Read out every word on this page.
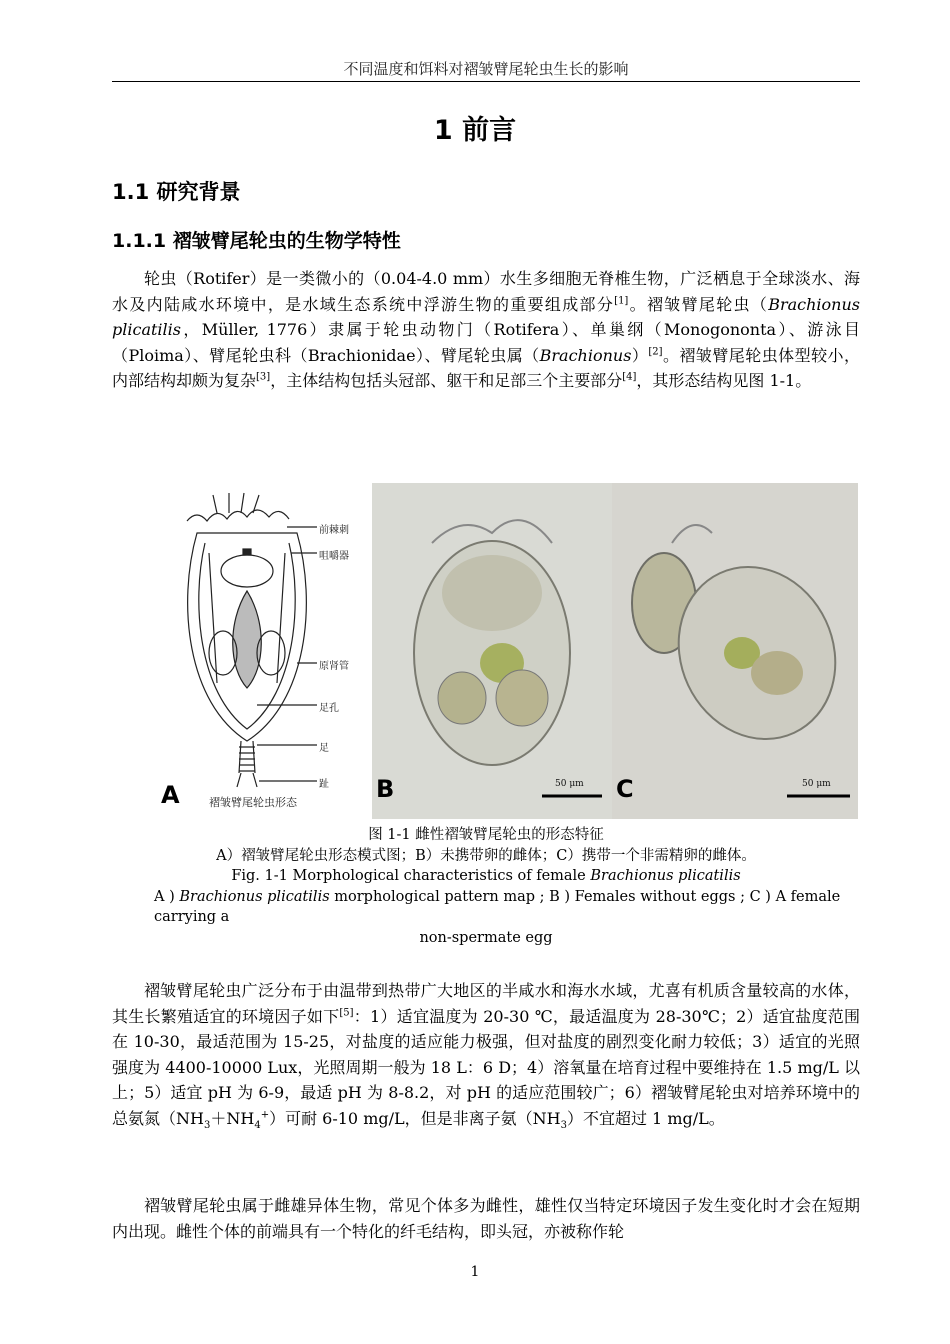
不同温度和饵料对褶皱臂尾轮虫生长的影响
1 前言
1.1 研究背景
1.1.1 褶皱臂尾轮虫的生物学特性
轮虫（Rotifer）是一类微小的（0.04-4.0 mm）水生多细胞无脊椎生物，广泛栖息于全球淡水、海水及内陆咸水环境中，是水域生态系统中浮游生物的重要组成部分[1]。褶皱臂尾轮虫（Brachionus plicatilis，Müller, 1776）隶属于轮虫动物门（Rotifera）、单巢纲（Monogononta）、游泳目（Ploima）、臂尾轮虫科（Brachionidae）、臂尾轮虫属（Brachionus）[2]。褶皱臂尾轮虫体型较小，内部结构却颇为复杂[3]，主体结构包括头冠部、躯干和足部三个主要部分[4]，其形态结构见图 1-1。
前棘刺
咀嚼器
原肾管
足孔
足
趾
A	褶皱臂尾轮虫形态	B	50 μm C	50 μm
图 1-1 雌性褶皱臂尾轮虫的形态特征
A）褶皱臂尾轮虫形态模式图；B）未携带卵的雌体；C）携带一个非需精卵的雌体。
Fig. 1-1 Morphological characteristics of female Brachionus plicatilis
A ) Brachionus plicatilis morphological pattern map ; B ) Females without eggs ; C ) A female carrying a
non-spermate egg
褶皱臂尾轮虫广泛分布于由温带到热带广大地区的半咸水和海水水域，尤喜有机质含量较高的水体，其生长繁殖适宜的环境因子如下[5]：1）适宜温度为 20-30 ℃，最适温度为 28-30℃；2）适宜盐度范围在 10-30，最适范围为 15-25，对盐度的适应能力极强，但对盐度的剧烈变化耐力较低；3）适宜的光照强度为 4400-10000 Lux，光照周期一般为 18 L：6 D；4）溶氧量在培育过程中要维持在 1.5 mg/L 以上；5）适宜 pH 为 6-9，最适 pH 为 8-8.2，对 pH 的适应范围较广；6）褶皱臂尾轮虫对培养环境中的总氨氮$(NH_3+NH_4^+)$可耐 6-10 mg/L，但是非离子氨$(NH_3)$不宜超过 1 mg/L。
褶皱臂尾轮虫属于雌雄异体生物，常见个体多为雌性，雄性仅当特定环境因子发生变化时才会在短期内出现。雌性个体的前端具有一个特化的纤毛结构，即头冠，亦被称作轮
1
